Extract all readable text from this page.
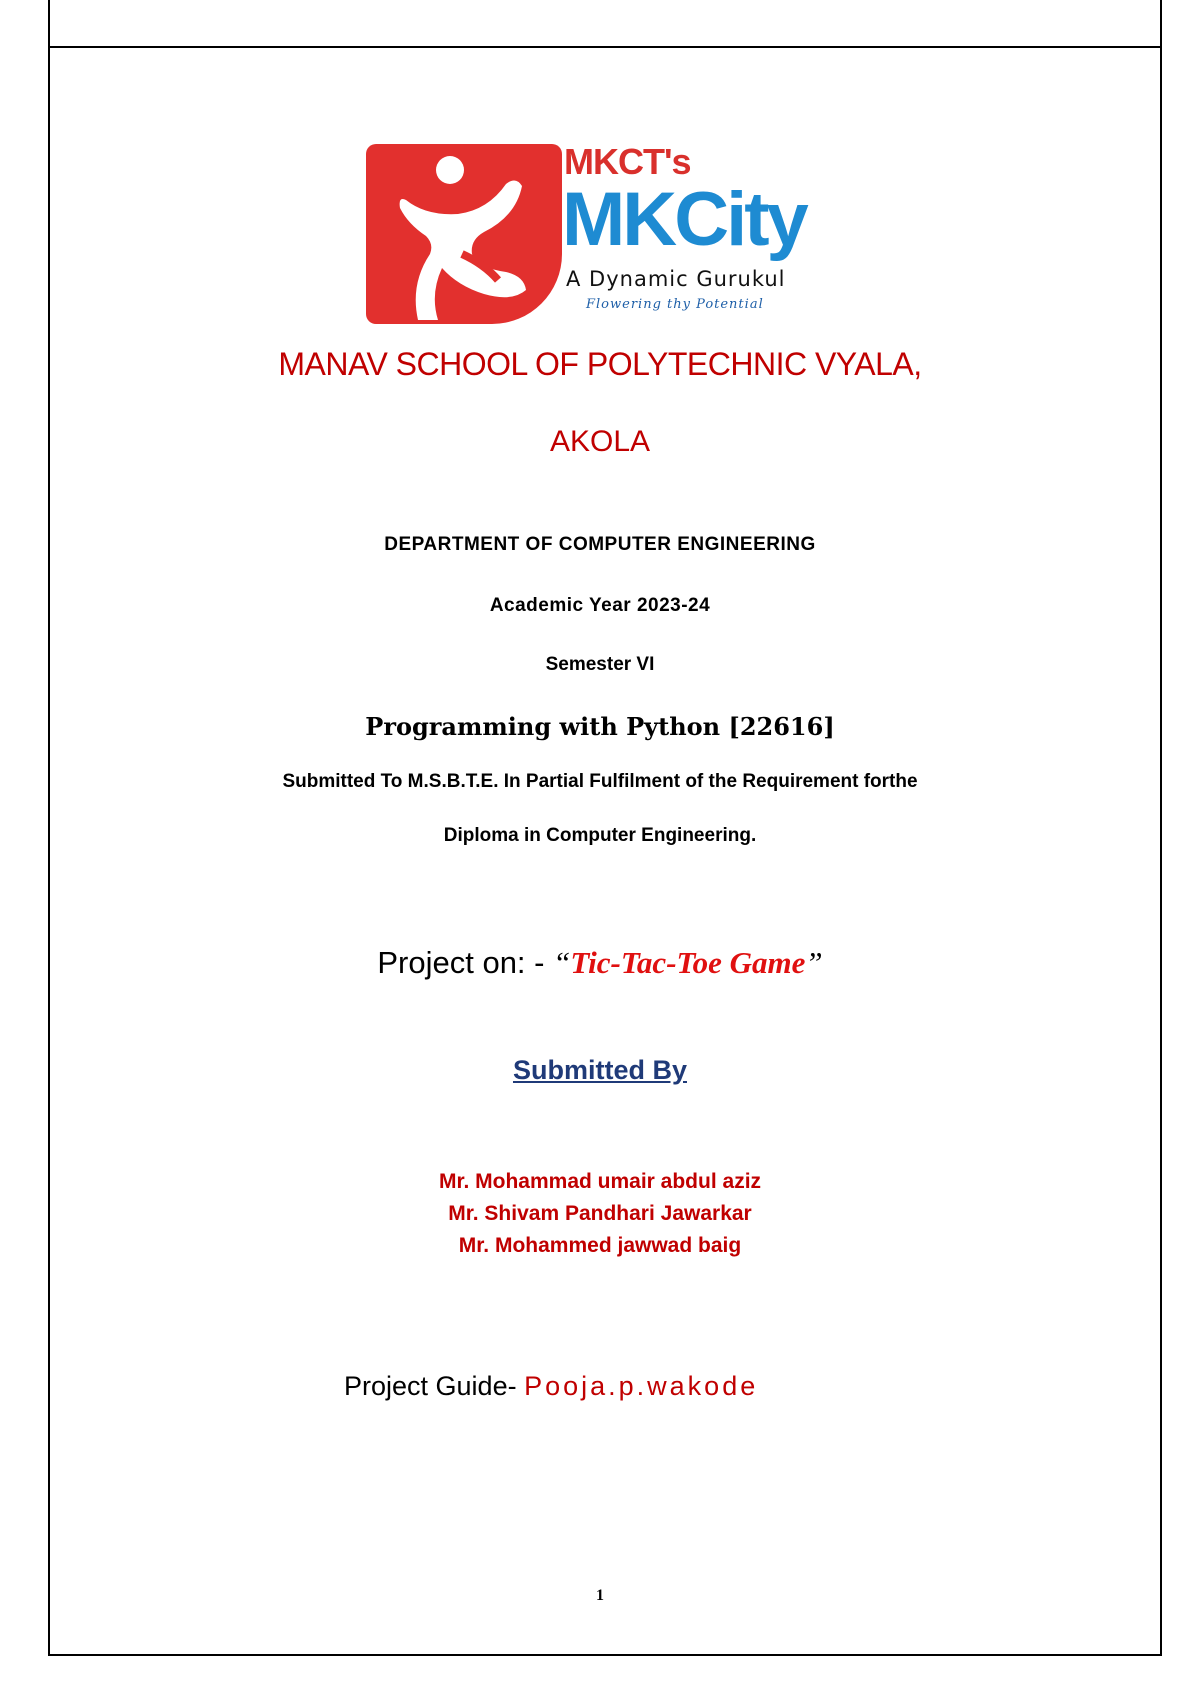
MKCT's
MKCity
A Dynamic Gurukul
Flowering thy Potential
MANAV SCHOOL OF POLYTECHNIC VYALA,
AKOLA
DEPARTMENT OF COMPUTER ENGINEERING
Academic Year 2023-24
Semester VI
Programming with Python [22616]
Submitted To M.S.B.T.E. In Partial Fulfilment of the Requirement forthe
Diploma in Computer Engineering.
Project on: - “Tic-Tac-Toe Game”
Submitted By
Mr. Mohammad umair abdul aziz
Mr. Shivam Pandhari Jawarkar
Mr. Mohammed jawwad baig
Project Guide- Pooja.p.wakode
1
